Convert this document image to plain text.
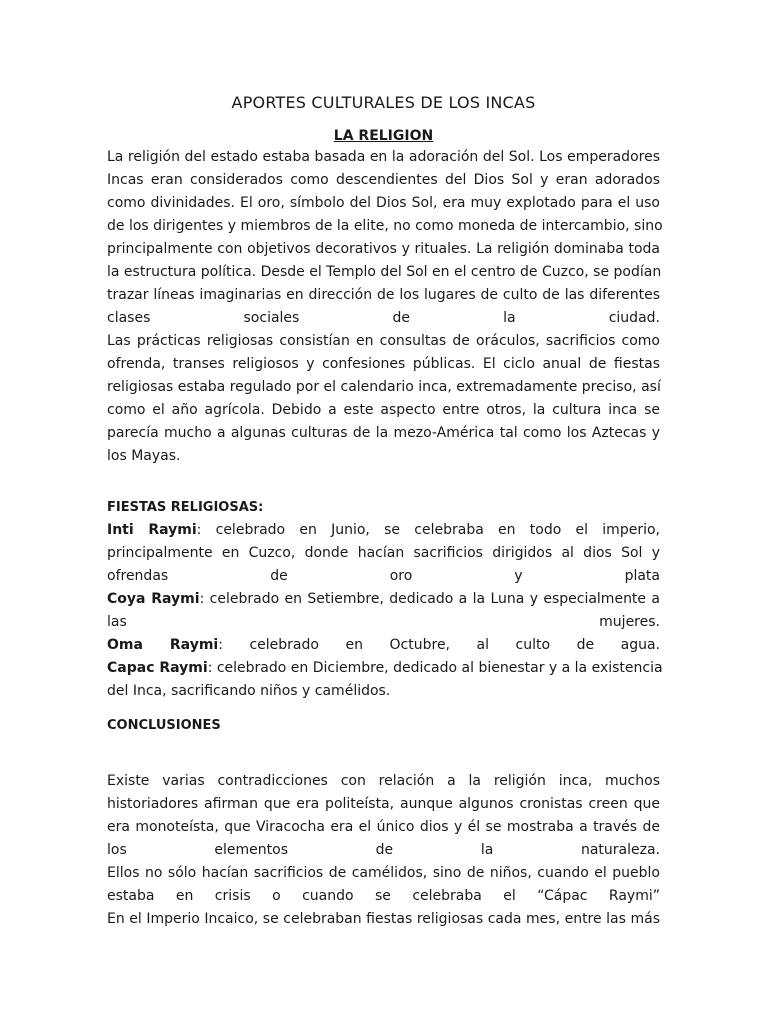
APORTES CULTURALES DE LOS INCAS
LA RELIGION
La religión del estado estaba basada en la adoración del Sol. Los emperadores
Incas eran considerados como descendientes del Dios Sol y eran adorados
como divinidades. El oro, símbolo del Dios Sol, era muy explotado para el uso
de los dirigentes y miembros de la elite, no como moneda de intercambio, sino
principalmente con objetivos decorativos y rituales. La religión dominaba toda
la estructura política. Desde el Templo del Sol en el centro de Cuzco, se podían
trazar líneas imaginarias en dirección de los lugares de culto de las diferentes
clases sociales de la ciudad.
Las prácticas religiosas consistían en consultas de oráculos, sacrificios como
ofrenda, transes religiosos y confesiones públicas. El ciclo anual de fiestas
religiosas estaba regulado por el calendario inca, extremadamente preciso, así
como el año agrícola. Debido a este aspecto entre otros, la cultura inca se
parecía mucho a algunas culturas de la mezo-América tal como los Aztecas y
los Mayas.
FIESTAS RELIGIOSAS:
Inti Raymi: celebrado en Junio, se celebraba en todo el imperio,
principalmente en Cuzco, donde hacían sacrificios dirigidos al dios Sol y
ofrendas de oro y plata
Coya Raymi: celebrado en Setiembre, dedicado a la Luna y especialmente a
las mujeres.
Oma Raymi: celebrado en Octubre, al culto de agua.
Capac Raymi: celebrado en Diciembre, dedicado al bienestar y a la existencia
del Inca, sacrificando niños y camélidos.
CONCLUSIONES
Existe varias contradicciones con relación a la religión inca, muchos
historiadores afirman que era politeísta, aunque algunos cronistas creen que
era monoteísta, que Viracocha era el único dios y él se mostraba a través de
los elementos de la naturaleza.
Ellos no sólo hacían sacrificios de camélidos, sino de niños, cuando el pueblo
estaba en crisis o cuando se celebraba el “Cápac Raymi”
En el Imperio Incaico, se celebraban fiestas religiosas cada mes, entre las más
